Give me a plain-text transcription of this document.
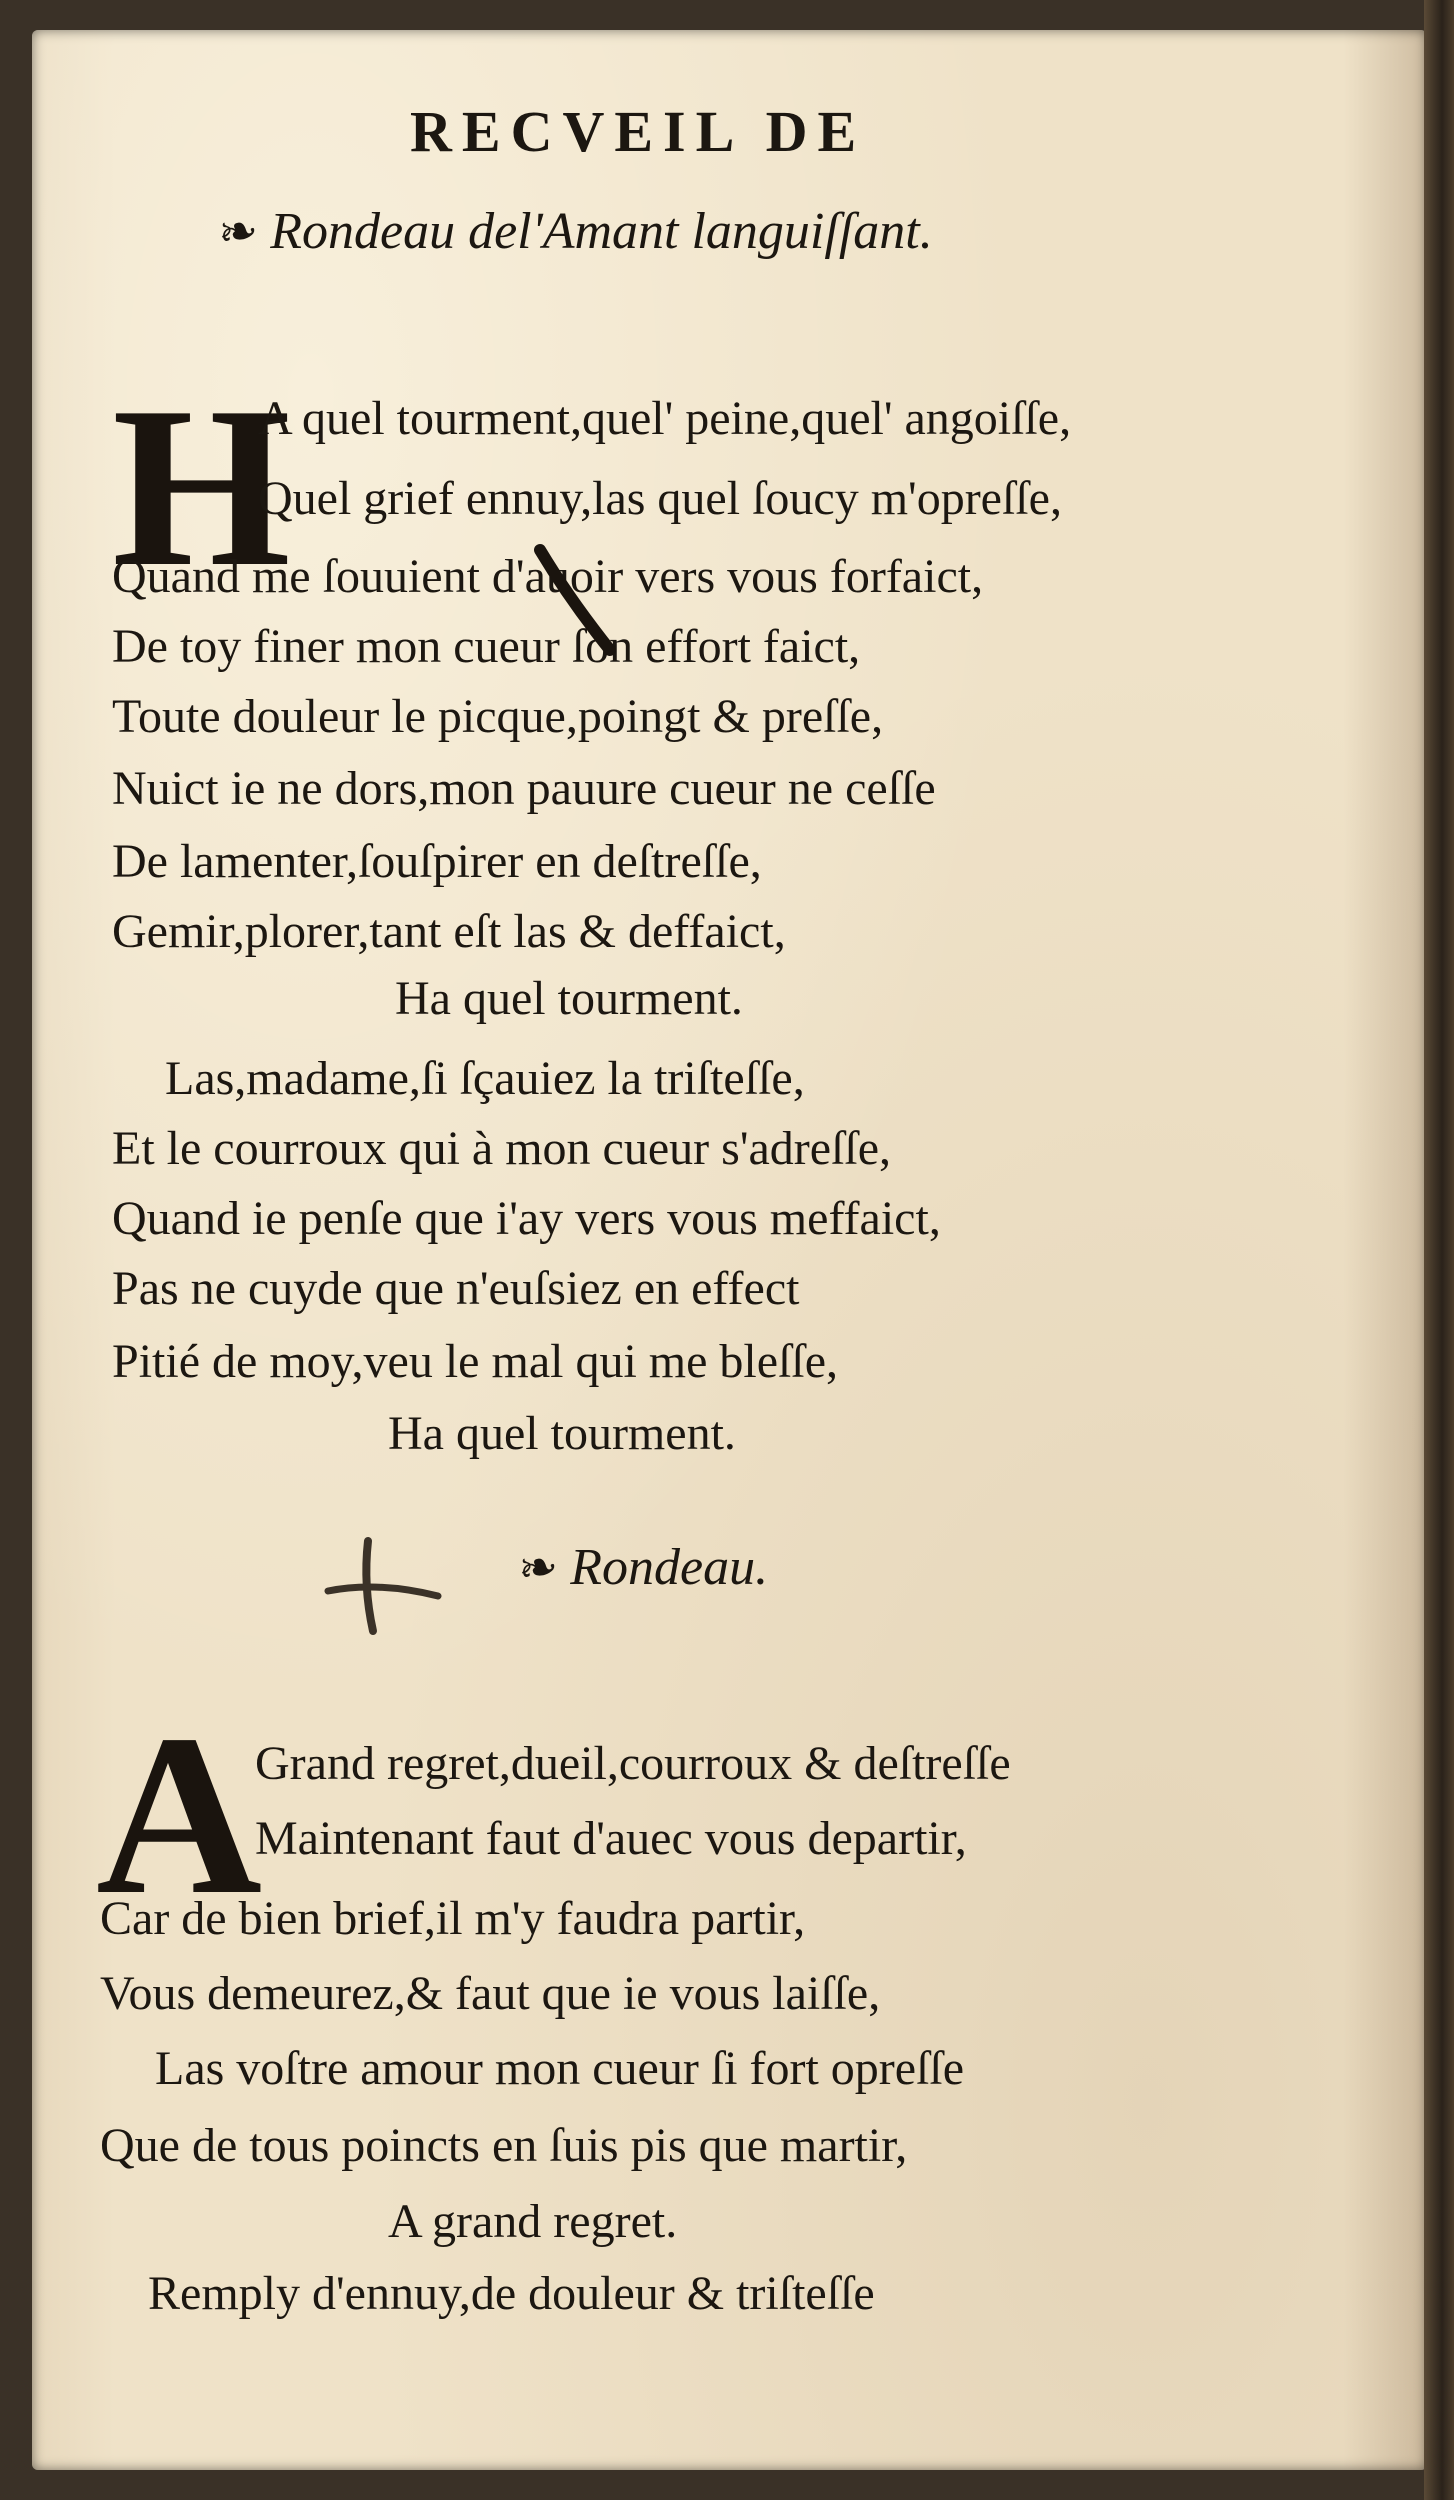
RECVEIL DE
❧ Rondeau del'Amant languiſſant.
H
A quel tourment,quel' peine,quel' angoiſſe,
Quel grief ennuy,las quel ſoucy m'opreſſe,
Quand me ſouuient d'auoir vers vous forfaict,
De toy finer mon cueur ſon effort faict,
Toute douleur le picque,poingt & preſſe,
Nuict ie ne dors,mon pauure cueur ne ceſſe
De lamenter,ſouſpirer en deſtreſſe,
Gemir,plorer,tant eſt las & deffaict,
Ha quel tourment.
Las,madame,ſi ſçauiez la triſteſſe,
Et le courroux qui à mon cueur s'adreſſe,
Quand ie penſe que i'ay vers vous meffaict,
Pas ne cuyde que n'euſsiez en effect
Pitié de moy,veu le mal qui me bleſſe,
Ha quel tourment.
❧ Rondeau.
A
Grand regret,dueil,courroux & deſtreſſe
Maintenant faut d'auec vous departir,
Car de bien brief,il m'y faudra partir,
Vous demeurez,& faut que ie vous laiſſe,
Las voſtre amour mon cueur ſi fort opreſſe
Que de tous poincts en ſuis pis que martir,
A grand regret.
Remply d'ennuy,de douleur & triſteſſe
